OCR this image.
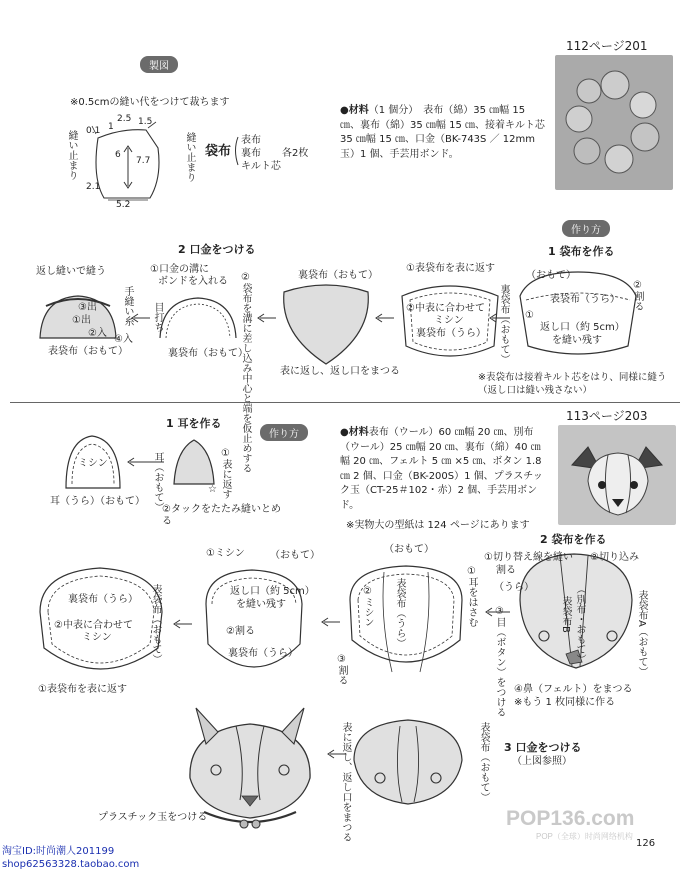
112ページ201
113ページ203
製図
※0.5cmの縫い代をつけて裁ちます
2.5 1.5
0.1 1
6
7.7
2.1
5.2
縫い止まり	縫い止まり 袋布
表布
裏布
キルト芯
各2枚
●材料（1 個分）　表布（綿）35 ㎝幅 15 ㎝、裏布（綿）35 ㎝幅 15 ㎝、接着キルト芯 35 ㎝幅 15 ㎝、口金（BK-743S ／ 12mm 玉）1 個、手芸用ボンド。
作り方
1 袋布を作る
（おもて）
表袋布（うら）
①
返し口（約 5cm）
を縫い残す
②割る
裏袋布（おもて）
※表袋布は接着キルト芯をはり、同様に縫う（返し口は縫い残さない）
①表袋布を表に返す
②中表に合わせて
ミシン
裏袋布（うら）
裏袋布（おもて）
表に返し、返し口をまつる
2 口金をつける
①口金の溝に
ボンドを入れる ②袋布を溝に差し込み中心と端を仮止めする
目打ち
裏袋布（おもて）
返し縫いで縫う
手縫い糸
③出
①出
②入
④入
表袋布（おもて）
1 耳を作る
作り方
ミシン
耳（うら）（おもて） 耳（おもて）	①表に返す
☆
②タックをたたみ縫いとめる
●材料表布（ウール）60 ㎝幅 20 ㎝、別布（ウール）25 ㎝幅 20 ㎝、裏布（綿）40 ㎝幅 20 ㎝、フェルト 5 ㎝ ×5 ㎝、ボタン 1.8 ㎝ 2 個、口金（BK-200S）1 個、プラスチック玉（CT-25＃102・赤）2 個、手芸用ボンド。
※実物大の型紙は 124 ページにあります
2 袋布を作る
①切り替え線を縫い ②切り込み
割る
（うら）	（別布・おもて）
表袋布B	表袋布A（おもて）
③目（ボタン）をつける ④鼻（フェルト）をまつる
※もう 1 枚同様に作る
（おもて）
①耳をはさむ
②ミシン 表袋布（うら）
③割る
①ミシン	（おもて）
返し口（約 5cm）
を縫い残す
②割る
裏袋布（うら）
裏袋布（うら）
②中表に合わせて
ミシン	表袋布（おもて）
①表袋布を表に返す
3 口金をつける
（上図参照）
表に返し、返し口をまつる	表袋布（おもて）
プラスチック玉をつける	POP136.com
POP（全球）时尚网络机构
126
淘宝ID:时尚潮人201199
shop62563328.taobao.com
